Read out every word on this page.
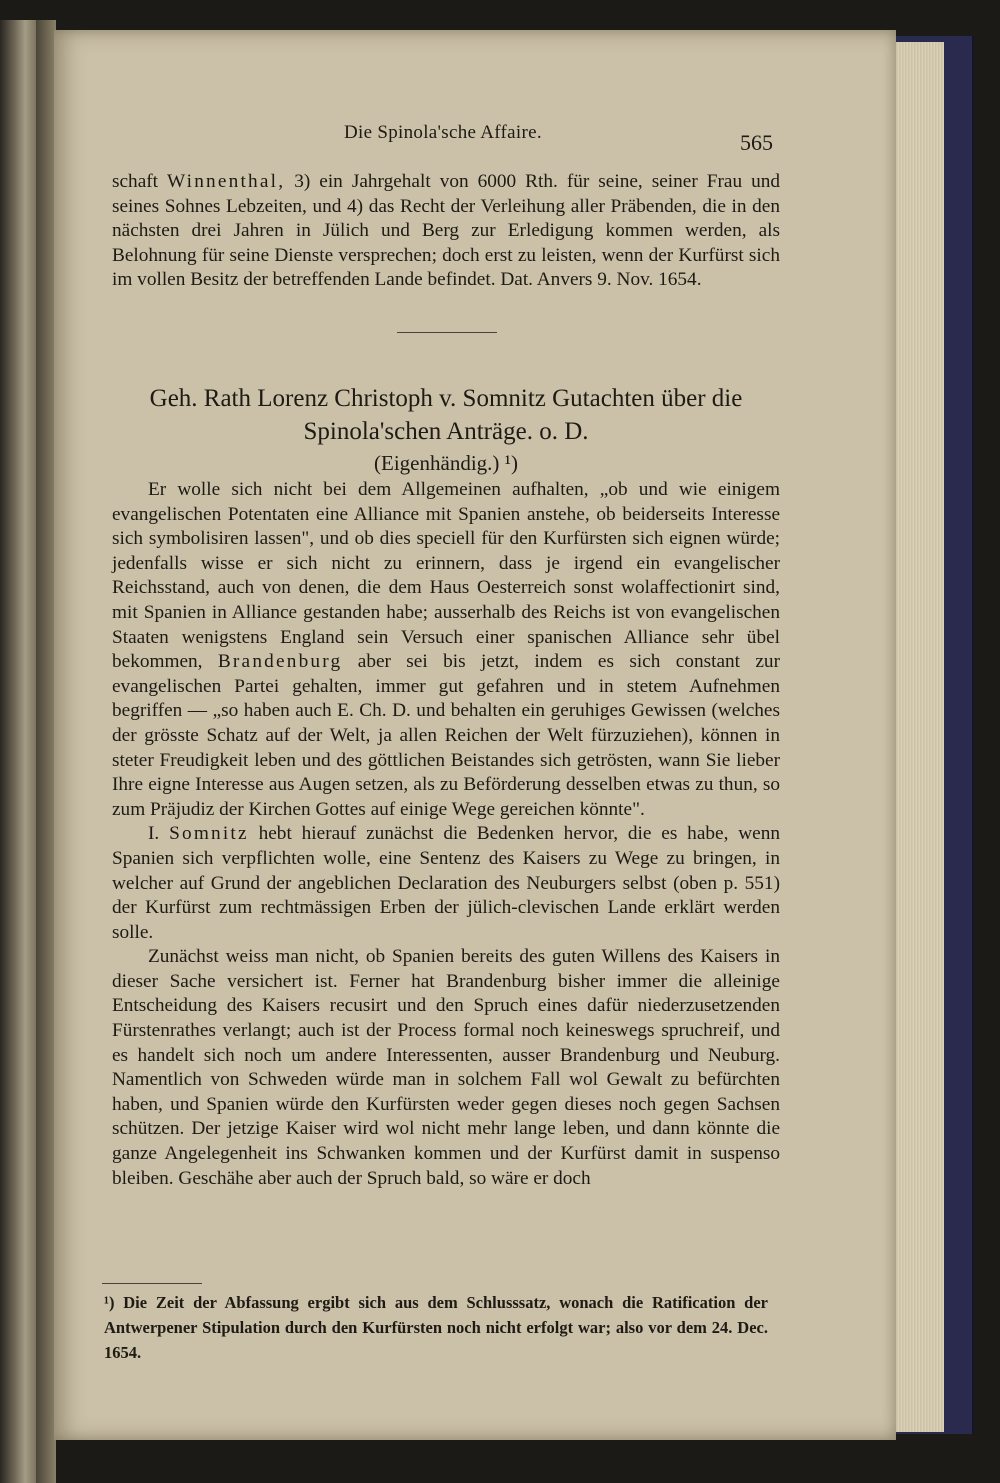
Die Spinola'sche Affaire.	565

schaft Winnenthal, 3) ein Jahrgehalt von 6000 Rth. für seine, seiner Frau und seines Sohnes Lebzeiten, und 4) das Recht der Verleihung aller Präbenden, die in den nächsten drei Jahren in Jülich und Berg zur Erledigung kommen werden, als Belohnung für seine Dienste versprechen; doch erst zu leisten, wenn der Kurfürst sich im vollen Besitz der betreffenden Lande befindet. Dat. Anvers 9. Nov. 1654.

Geh. Rath Lorenz Christoph v. Somnitz Gutachten über die
Spinola'schen Anträge. o. D.

(Eigenhändig.) ¹)

Er wolle sich nicht bei dem Allgemeinen aufhalten, „ob und wie einigem evangelischen Potentaten eine Alliance mit Spanien anstehe, ob beiderseits Interesse sich symbolisiren lassen", und ob dies speciell für den Kurfürsten sich eignen würde; jedenfalls wisse er sich nicht zu erinnern, dass je irgend ein evangelischer Reichsstand, auch von denen, die dem Haus Oesterreich sonst wolaffectionirt sind, mit Spanien in Alliance gestanden habe; ausserhalb des Reichs ist von evangelischen Staaten wenigstens England sein Versuch einer spanischen Alliance sehr übel bekommen, Brandenburg aber sei bis jetzt, indem es sich constant zur evangelischen Partei gehalten, immer gut gefahren und in stetem Aufnehmen begriffen — „so haben auch E. Ch. D. und behalten ein geruhiges Gewissen (welches der grösste Schatz auf der Welt, ja allen Reichen der Welt fürzuziehen), können in steter Freudigkeit leben und des göttlichen Beistandes sich getrösten, wann Sie lieber Ihre eigne Interesse aus Augen setzen, als zu Beförderung desselben etwas zu thun, so zum Präjudiz der Kirchen Gottes auf einige Wege gereichen könnte".

I. Somnitz hebt hierauf zunächst die Bedenken hervor, die es habe, wenn Spanien sich verpflichten wolle, eine Sentenz des Kaisers zu Wege zu bringen, in welcher auf Grund der angeblichen Declaration des Neuburgers selbst (oben p. 551) der Kurfürst zum rechtmässigen Erben der jülich-clevischen Lande erklärt werden solle.

Zunächst weiss man nicht, ob Spanien bereits des guten Willens des Kaisers in dieser Sache versichert ist. Ferner hat Brandenburg bisher immer die alleinige Entscheidung des Kaisers recusirt und den Spruch eines dafür niederzusetzenden Fürstenrathes verlangt; auch ist der Process formal noch keineswegs spruchreif, und es handelt sich noch um andere Interessenten, ausser Brandenburg und Neuburg. Namentlich von Schweden würde man in solchem Fall wol Gewalt zu befürchten haben, und Spanien würde den Kurfürsten weder gegen dieses noch gegen Sachsen schützen. Der jetzige Kaiser wird wol nicht mehr lange leben, und dann könnte die ganze Angelegenheit ins Schwanken kommen und der Kurfürst damit in suspenso bleiben. Geschähe aber auch der Spruch bald, so wäre er doch

¹) Die Zeit der Abfassung ergibt sich aus dem Schlusssatz, wonach die Ratification der Antwerpener Stipulation durch den Kurfürsten noch nicht erfolgt war; also vor dem 24. Dec. 1654.
